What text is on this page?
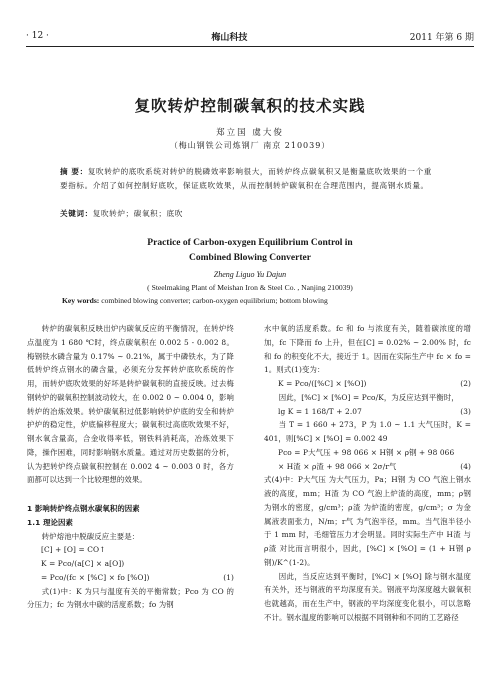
· 12 ·	梅山科技	2011 年第 6 期
复吹转炉控制碳氧积的技术实践
郑立国 虞大俊
（梅山钢铁公司炼钢厂 南京 210039）
摘 要：复吹转炉的底吹系统对转炉的脱磷效率影响很大，而转炉终点碳氧积又是衡量底吹效果的一个重要指标。介绍了如何控制好底吹，保证底吹效果，从而控制转炉碳氧积在合理范围内，提高钢水质量。
关键词：复吹转炉；碳氧积；底吹
Practice of Carbon-oxygen Equilibrium Control in
Combined Blowing Converter
Zheng Liguo Yu Dajun
( Steelmaking Plant of Meishan Iron & Steel Co. , Nanjing 210039)
Key words: combined blowing converter; carbon-oxygen equilibrium; bottom blowing

转炉的碳氧积反映出炉内碳氧反应的平衡情况，在转炉终点温度为 1 680 ℃时，终点碳氧积在 0.002 5 - 0.002 8。梅钢铁水磷含量为 0.17% ~ 0.21%，属于中磷铁水，为了降低转炉终点钢水的磷含量，必须充分发挥转炉底吹系统的作用，而转炉底吹效果的好坏是转炉碳氧积的直接反映。过去梅钢转炉的碳氧积控制波动较大，在 0.002 0 ~ 0.004 0，影响转炉的冶炼效果。转炉碳氧积过低影响转炉炉底的安全和转炉护炉的稳定性，炉底偏移程度大；碳氧积过高底吹效果不好，钢水氧含量高，合金收得率低，钢铁料消耗高，冶炼效果下降，操作困难，同时影响钢水质量。通过对历史数据的分析，认为把转炉终点碳氧积控制在 0.002 4 ~ 0.003 0 时，各方面都可以达到一个比较理想的效果。

1 影响转炉终点钢水碳氧积的因素

1.1 理论因素

转炉熔池中脱碳反应主要是：

[C] + [O] = CO↑

K = Pco/(a[C] × a[O])

= Pco/(fc × [%C] × fo [%O])	(1)

式(1)中：K 为只与温度有关的平衡常数；Pco 为 CO 的分压力；fc 为钢水中碳的活度系数；fo 为钢

水中氧的活度系数。fc 和 fo 与浓度有关，随着碳浓度的增加，fc 下降而 fo 上升，但在[C] = 0.02% ~ 2.00% 时，fc 和 fo 的积变化不大，接近于 1。因而在实际生产中 fc × fo = 1。则式(1)变为：

K = Pco/([%C] × [%O])	(2)

因此，[%C] × [%O] = Pco/K，为反应达到平衡时，

lg K = 1 168/T + 2.07	(3)

当 T = 1 660 + 273，P 为 1.0 ~ 1.1 大气压时，K = 401，则[%C] × [%O] = 0.002 49

Pco = P大气压 + 98 066 × H钢 × ρ钢 + 98 066

× H渣 × ρ渣 + 98 066 × 2σ/r气	(4)

式(4)中：P大气压 为大气压力，Pa；H钢 为 CO 气泡上钢水液的高度，mm；H渣 为 CO 气泡上炉渣的高度，mm；ρ钢 为钢水的密度，g/cm³；ρ渣 为炉渣的密度，g/cm³；σ 为金属液表面张力，N/m；r气 为气泡半径，mm。当气泡半径小于 1 mm 时，毛细管压力才会明显。同时实际生产中 H渣 与 ρ渣 对比而言明很小，因此，[%C] × [%O] = (1 + H钢 ρ钢)/K^(1-2)。

因此，当反应达到平衡时，[%C] × [%O] 除与钢水温度有关外，还与钢液的平均深度有关。钢液平均深度越大碳氧积也就越高，而在生产中，钢液的平均深度变化很小，可以忽略不计。钢水温度的影响可以根据不同钢种和不同的工艺路径
